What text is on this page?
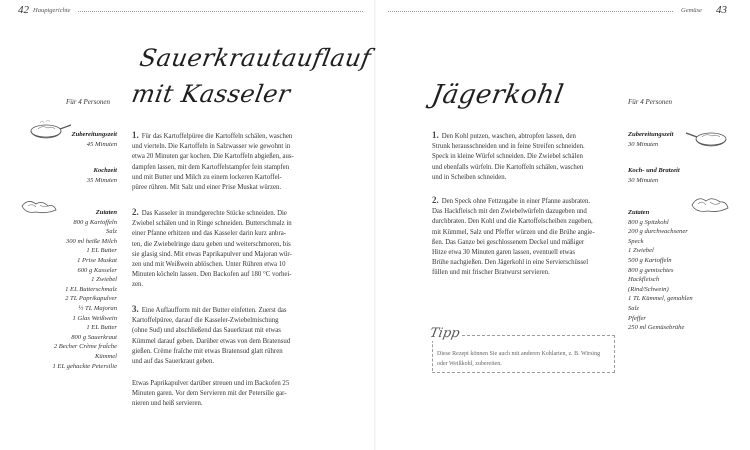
42 Hauptgerichte
Sauerkrautauflauf
mit Kasseler
Für 4 Personen
Zubereitungszeit
45 Minuten
Kochzeit
35 Minuten
Zutaten
800 g Kartoffeln
Salz
300 ml heiße Milch
1 EL Butter
1 Prise Muskat
600 g Kasseler
1 Zwiebel
1 EL Butterschmalz
2 TL Paprikapulver
½ TL Majoran
1 Glas Weißwein
1 EL Butter
800 g Sauerkraut
2 Becher Crème fraîche
Kümmel
1 EL gehackte Petersilie
1. Für das Kartoffelpüree die Kartoffeln schälen, waschen
und vierteln. Die Kartoffeln in Salzwasser wie gewohnt in
etwa 20 Minuten gar kochen. Die Kartoffeln abgießen, aus-
dampfen lassen, mit dem Kartoffelstampfer fein stampfen
und mit Butter und Milch zu einem lockeren Kartoffel-
püree rühren. Mit Salz und einer Prise Muskat würzen.
2. Das Kasseler in mundgerechte Stücke schneiden. Die
Zwiebel schälen und in Ringe schneiden. Butterschmalz in
einer Pfanne erhitzen und das Kasseler darin kurz anbra-
ten, die Zwiebelringe dazu geben und weiterschmoren, bis
sie glasig sind. Mit etwas Paprikapulver und Majoran wür-
zen und mit Weißwein ablöschen. Unter Rühren etwa 10
Minuten köcheln lassen. Den Backofen auf 180 °C vorhei-
zen.
3. Eine Auflaufform mit der Butter einfetten. Zuerst das
Kartoffelpüree, darauf die Kasseler-Zwiebelmischung
(ohne Sud) und abschließend das Sauerkraut mit etwas
Kümmel darauf geben. Darüber etwas von dem Bratensud
gießen. Crème fraîche mit etwas Bratensud glatt rühren
und auf das Sauerkraut geben.
Etwas Paprikapulver darüber streuen und im Backofen 25
Minuten garen. Vor dem Servieren mit der Petersilie gar-
nieren und heiß servieren.
Gemüse 43
Jägerkohl	Für 4 Personen
Zubereitungszeit
30 Minuten
Koch- und Bratzeit
30 Minuten
Zutaten
800 g Spitzkohl
200 g durchwachsener
Speck
1 Zwiebel
500 g Kartoffeln
800 g gemischtes
Hackfleisch
(Rind/Schwein)
1 TL Kümmel, gemahlen
Salz
Pfeffer
250 ml Gemüsebrühe
1. Den Kohl putzen, waschen, abtropfen lassen, den
Strunk herausschneiden und in feine Streifen schneiden.
Speck in kleine Würfel schneiden. Die Zwiebel schälen
und ebenfalls würfeln. Die Kartoffeln schälen, waschen
und in Scheiben schneiden.
2. Den Speck ohne Fettzugabe in einer Pfanne ausbraten.
Das Hackfleisch mit den Zwiebelwürfeln dazugeben und
durchbraten. Den Kohl und die Kartoffelscheiben zugeben,
mit Kümmel, Salz und Pfeffer würzen und die Brühe angie-
ßen. Das Ganze bei geschlossenem Deckel und mäßiger
Hitze etwa 30 Minuten garen lassen, eventuell etwas
Brühe nachgießen. Den Jägerkohl in eine Servierschüssel
füllen und mit frischer Bratwurst servieren.
Tipp
Diese Rezept können Sie auch mit anderen Kohlarten, z. B. Wirsing
oder Weißkohl, zubereiten.
